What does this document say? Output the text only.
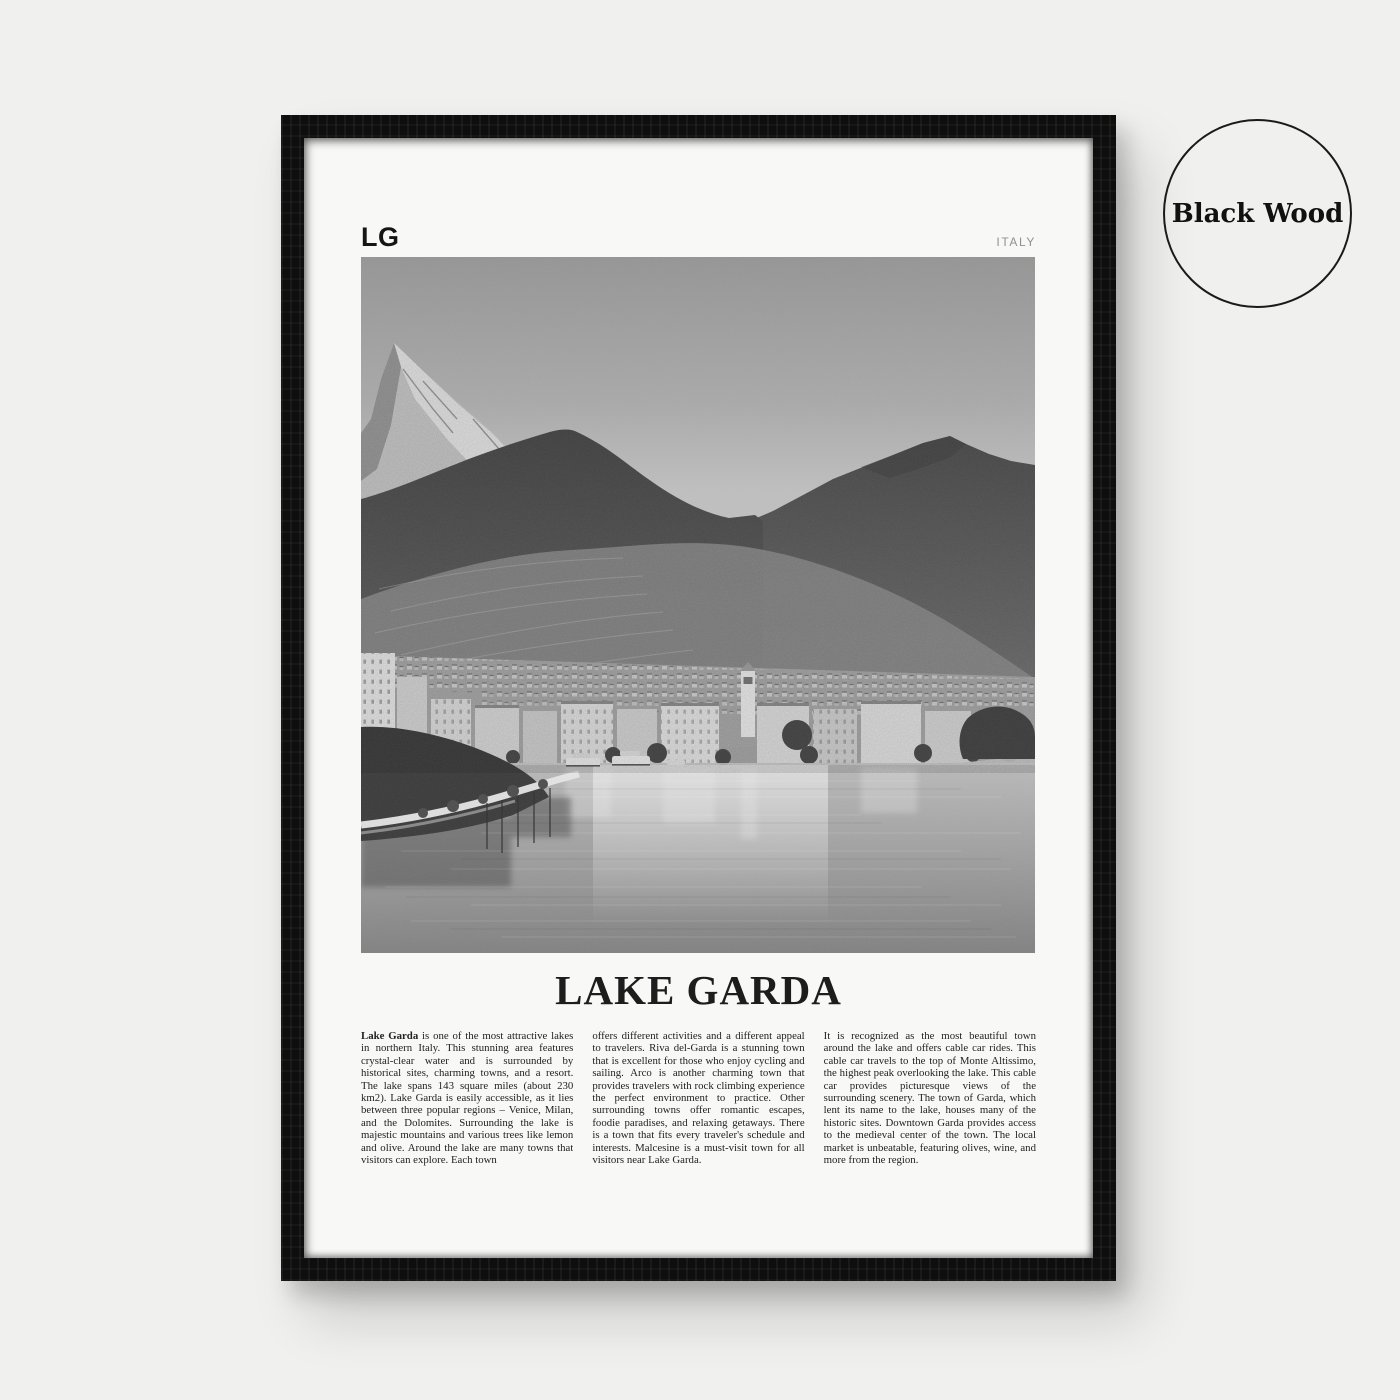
LG	ITALY
LAKE GARDA

Lake Garda is one of the most attractive lakes in northern Italy. This stunning area features crystal-clear water and is surrounded by historical sites, charming towns, and a resort. The lake spans 143 square miles (about 230 km2). Lake Garda is easily accessible, as it lies between three popular regions – Venice, Milan, and the Dolomites. Surrounding the lake is majestic mountains and various trees like lemon and olive. Around the lake are many towns that visitors can explore. Each town

offers different activities and a different appeal to travelers. Riva del-Garda is a stunning town that is excellent for those who enjoy cycling and sailing. Arco is another charming town that provides travelers with rock climbing experience the perfect environment to practice. Other surrounding towns offer romantic escapes, foodie paradises, and relaxing getaways. There is a town that fits every traveler's schedule and interests. Malcesine is a must-visit town for all visitors near Lake Garda.

It is recognized as the most beautiful town around the lake and offers cable car rides. This cable car travels to the top of Monte Altissimo, the highest peak overlooking the lake. This cable car provides picturesque views of the surrounding scenery. The town of Garda, which lent its name to the lake, houses many of the historic sites. Downtown Garda provides access to the medieval center of the town. The local market is unbeatable, featuring olives, wine, and more from the region.

Black Wood
